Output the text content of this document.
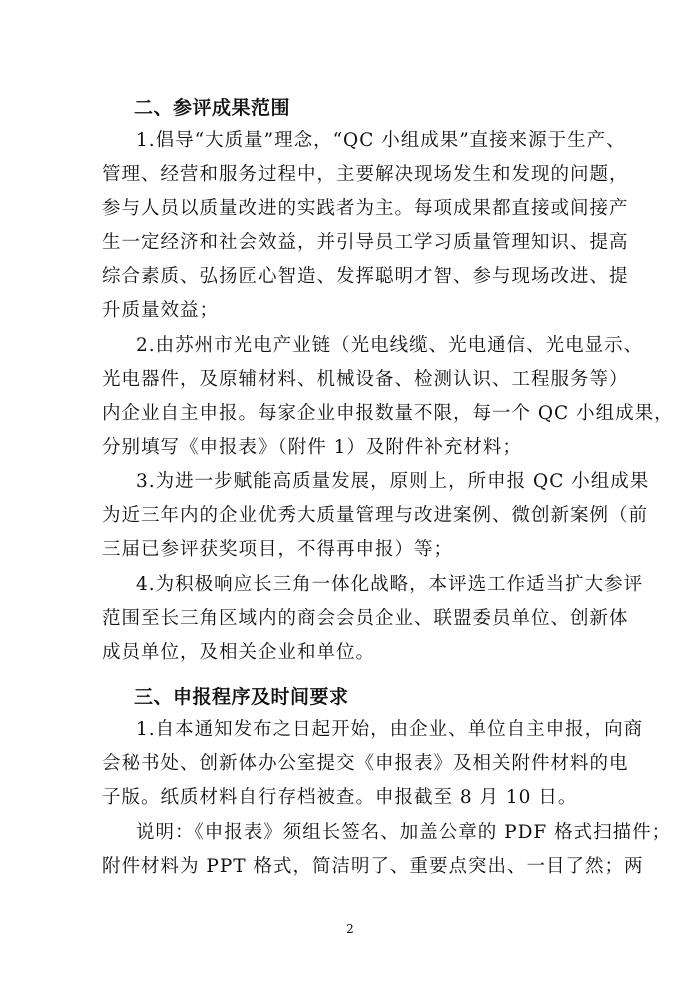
二、参评成果范围
1.倡导“大质量”理念，“QC 小组成果”直接来源于生产、
管理、经营和服务过程中，主要解决现场发生和发现的问题，
参与人员以质量改进的实践者为主。每项成果都直接或间接产
生一定经济和社会效益，并引导员工学习质量管理知识、提高
综合素质、弘扬匠心智造、发挥聪明才智、参与现场改进、提
升质量效益；
2.由苏州市光电产业链（光电线缆、光电通信、光电显示、
光电器件，及原辅材料、机械设备、检测认识、工程服务等）
内企业自主申报。每家企业申报数量不限，每一个 QC 小组成果，
分别填写《申报表》（附件 1）及附件补充材料；
3.为进一步赋能高质量发展，原则上，所申报 QC 小组成果
为近三年内的企业优秀大质量管理与改进案例、微创新案例（前
三届已参评获奖项目，不得再申报）等；
4.为积极响应长三角一体化战略，本评选工作适当扩大参评
范围至长三角区域内的商会会员企业、联盟委员单位、创新体
成员单位，及相关企业和单位。
三、申报程序及时间要求
1.自本通知发布之日起开始，由企业、单位自主申报，向商
会秘书处、创新体办公室提交《申报表》及相关附件材料的电
子版。纸质材料自行存档被查。申报截至 8 月 10 日。
说明：《申报表》须组长签名、加盖公章的 PDF 格式扫描件；
附件材料为 PPT 格式，简洁明了、重要点突出、一目了然；两
2
